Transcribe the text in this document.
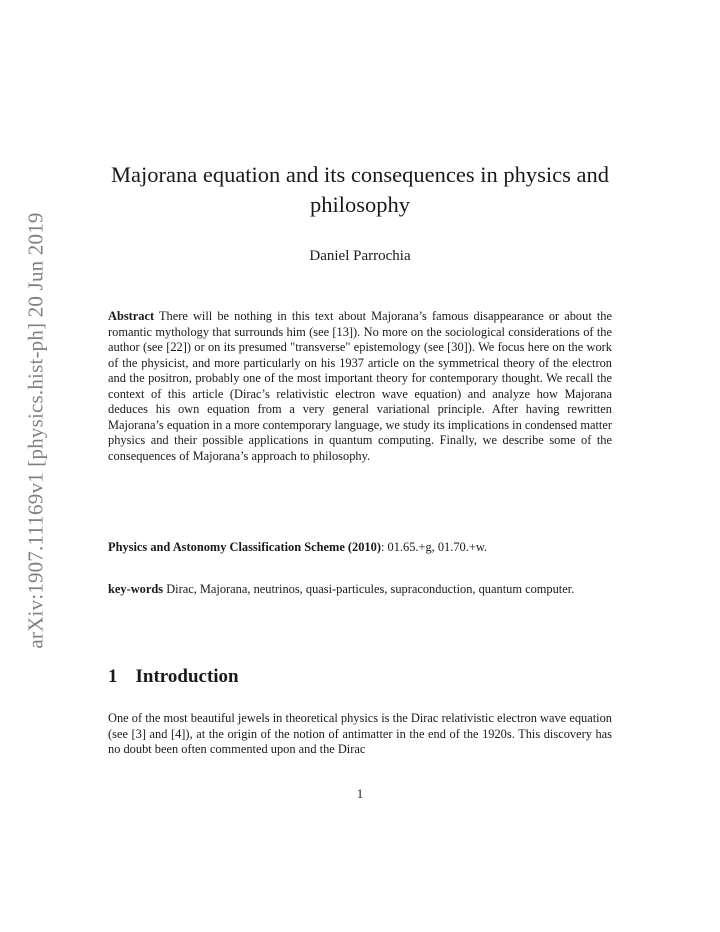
arXiv:1907.11169v1 [physics.hist-ph] 20 Jun 2019
Majorana equation and its consequences in physics and philosophy
Daniel Parrochia
Abstract There will be nothing in this text about Majorana’s famous disappearance or about the romantic mythology that surrounds him (see [13]). No more on the sociological considerations of the author (see [22]) or on its presumed "transverse" epistemology (see [30]). We focus here on the work of the physicist, and more particularly on his 1937 article on the symmetrical theory of the electron and the positron, probably one of the most important theory for contemporary thought. We recall the context of this article (Dirac’s relativistic electron wave equation) and analyze how Majorana deduces his own equation from a very general variational principle. After having rewritten Majorana’s equation in a more contemporary language, we study its implications in condensed matter physics and their possible applications in quantum computing. Finally, we describe some of the consequences of Majorana’s approach to philosophy.
Physics and Astonomy Classification Scheme (2010): 01.65.+g, 01.70.+w.
key-words Dirac, Majorana, neutrinos, quasi-particules, supraconduction, quantum computer.
1 Introduction
One of the most beautiful jewels in theoretical physics is the Dirac relativistic electron wave equation (see [3] and [4]), at the origin of the notion of antimatter in the end of the 1920s. This discovery has no doubt been often commented upon and the Dirac
1
